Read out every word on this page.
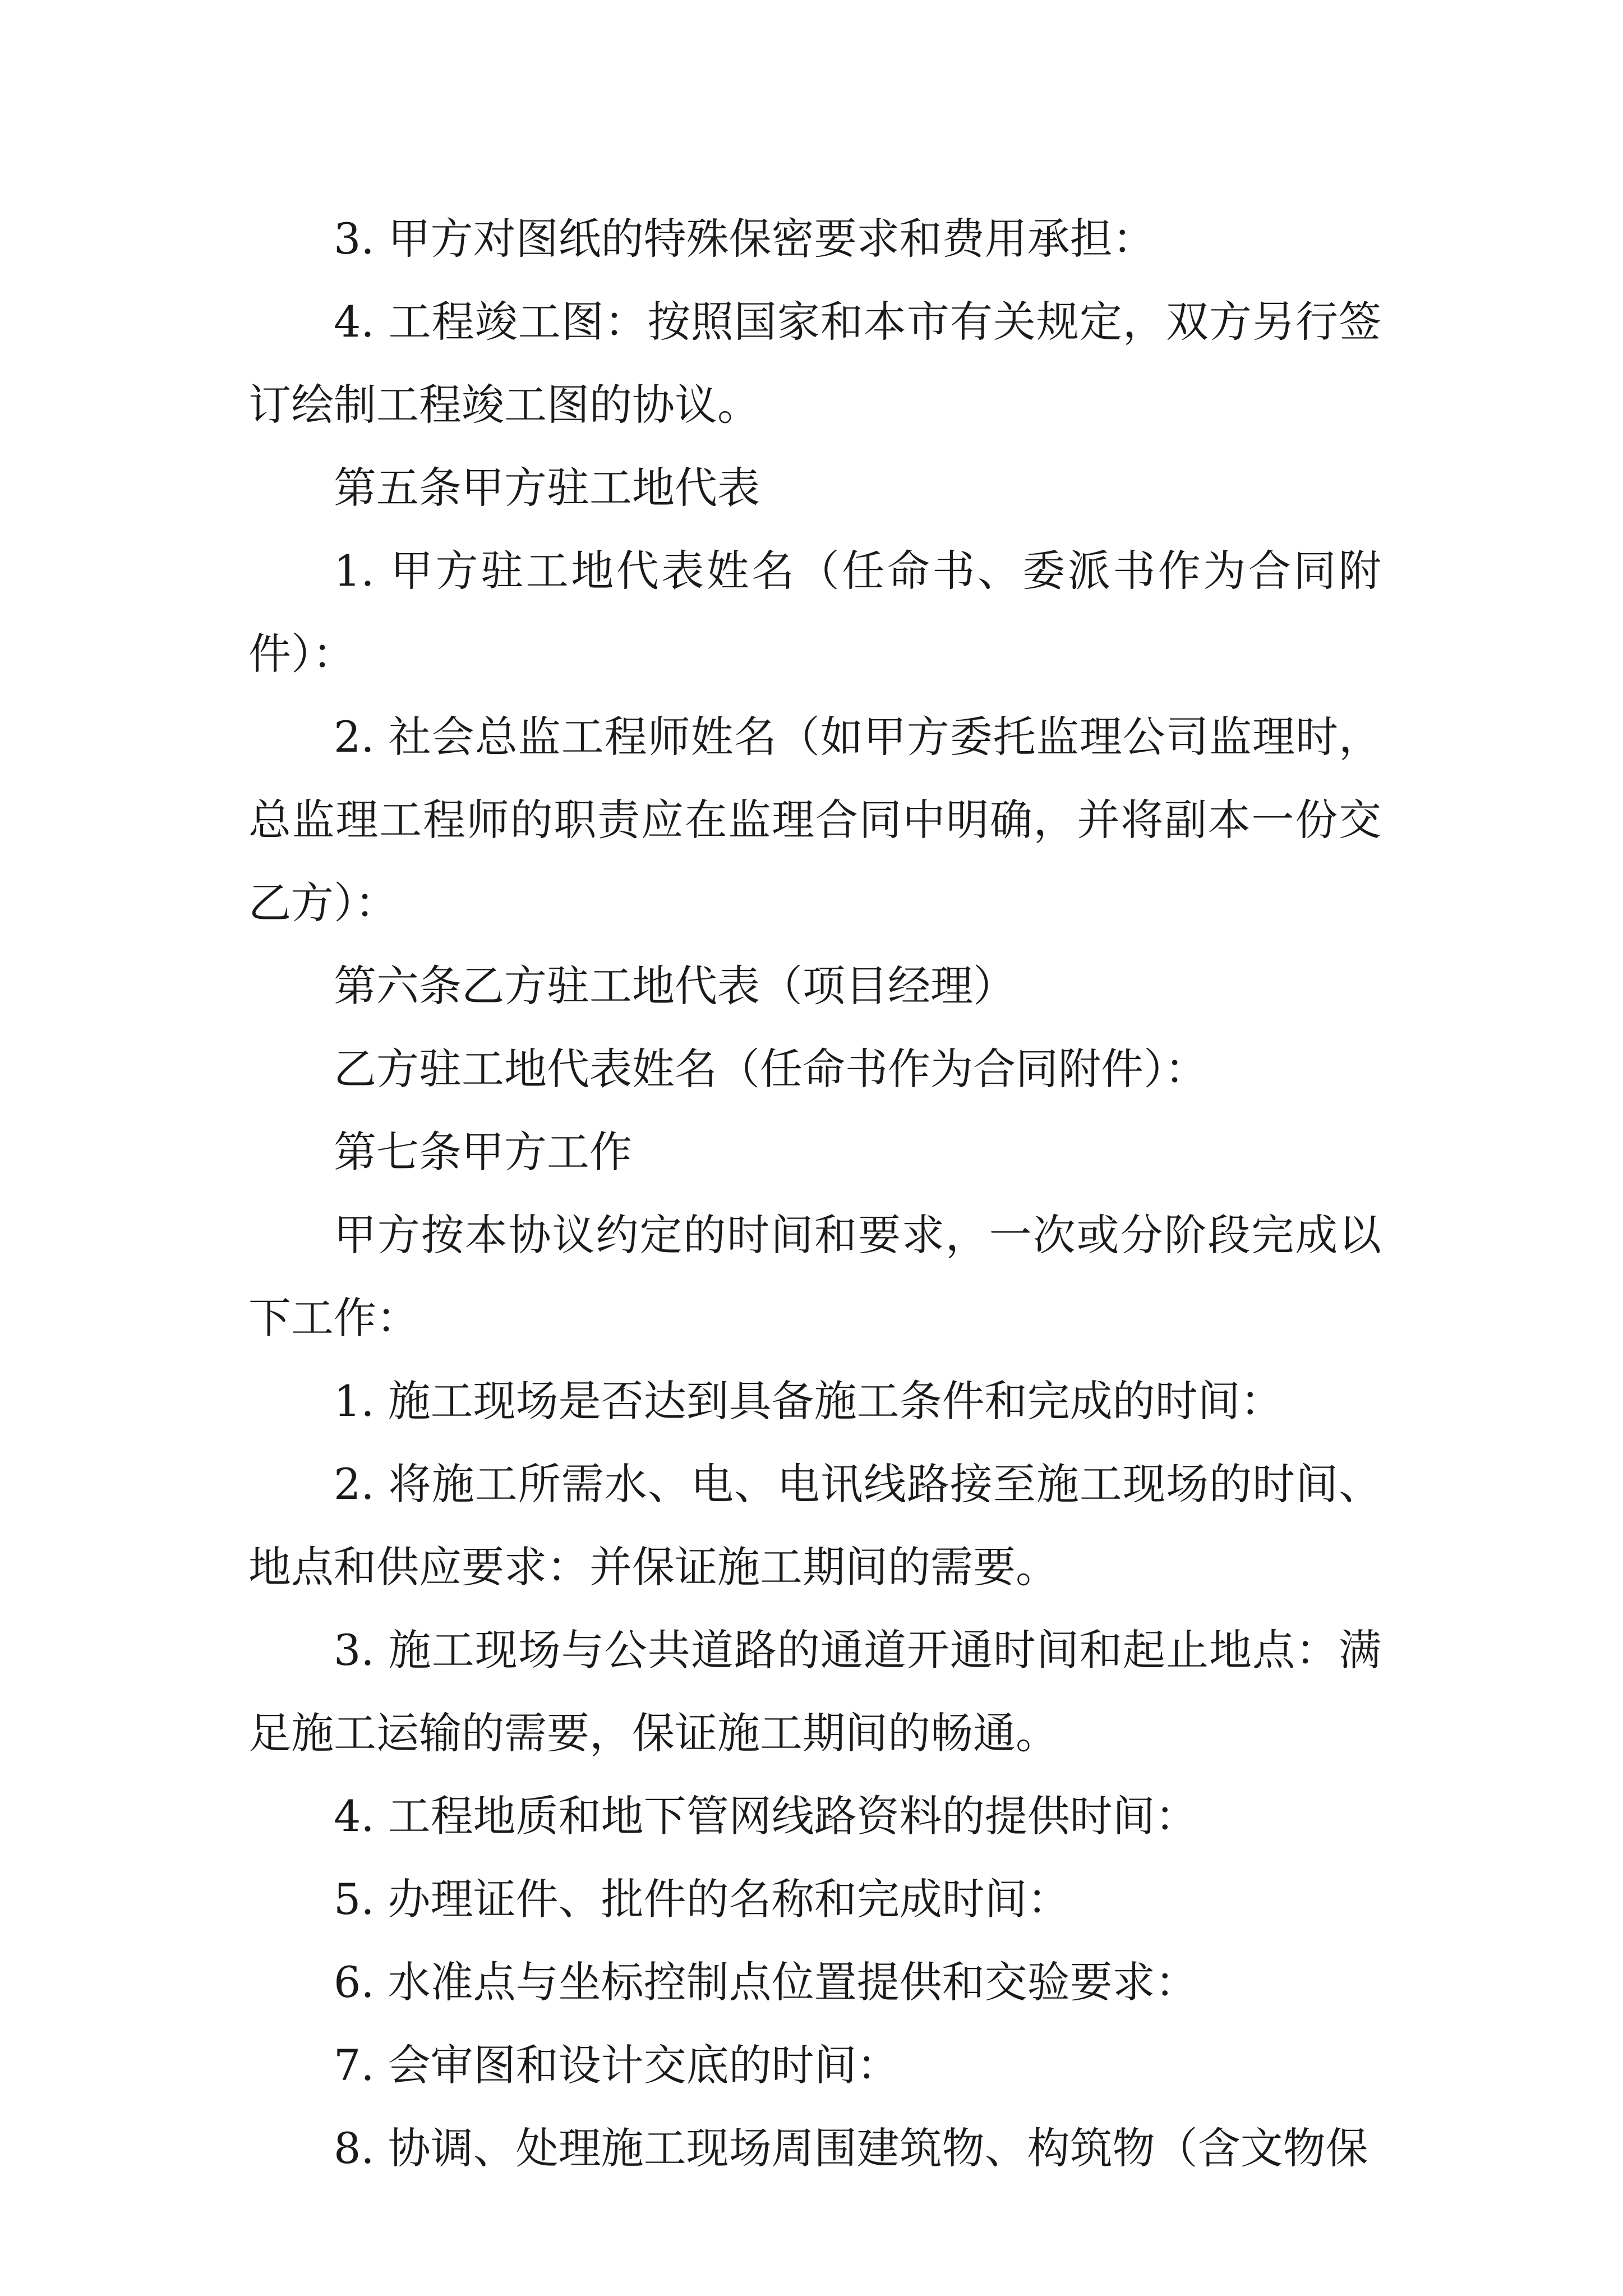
3. 甲方对图纸的特殊保密要求和费用承担：

4. 工程竣工图：按照国家和本市有关规定，双方另行签订绘制工程竣工图的协议。

第五条甲方驻工地代表

1. 甲方驻工地代表姓名（任命书、委派书作为合同附件）：

2. 社会总监工程师姓名（如甲方委托监理公司监理时，总监理工程师的职责应在监理合同中明确，并将副本一份交乙方）：

第六条乙方驻工地代表（项目经理）

乙方驻工地代表姓名（任命书作为合同附件）：

第七条甲方工作

甲方按本协议约定的时间和要求，一次或分阶段完成以下工作：

1. 施工现场是否达到具备施工条件和完成的时间：

2. 将施工所需水、电、电讯线路接至施工现场的时间、地点和供应要求：并保证施工期间的需要。

3. 施工现场与公共道路的通道开通时间和起止地点：满足施工运输的需要，保证施工期间的畅通。

4. 工程地质和地下管网线路资料的提供时间：

5. 办理证件、批件的名称和完成时间：

6. 水准点与坐标控制点位置提供和交验要求：

7. 会审图和设计交底的时间：

8. 协调、处理施工现场周围建筑物、构筑物（含文物保
